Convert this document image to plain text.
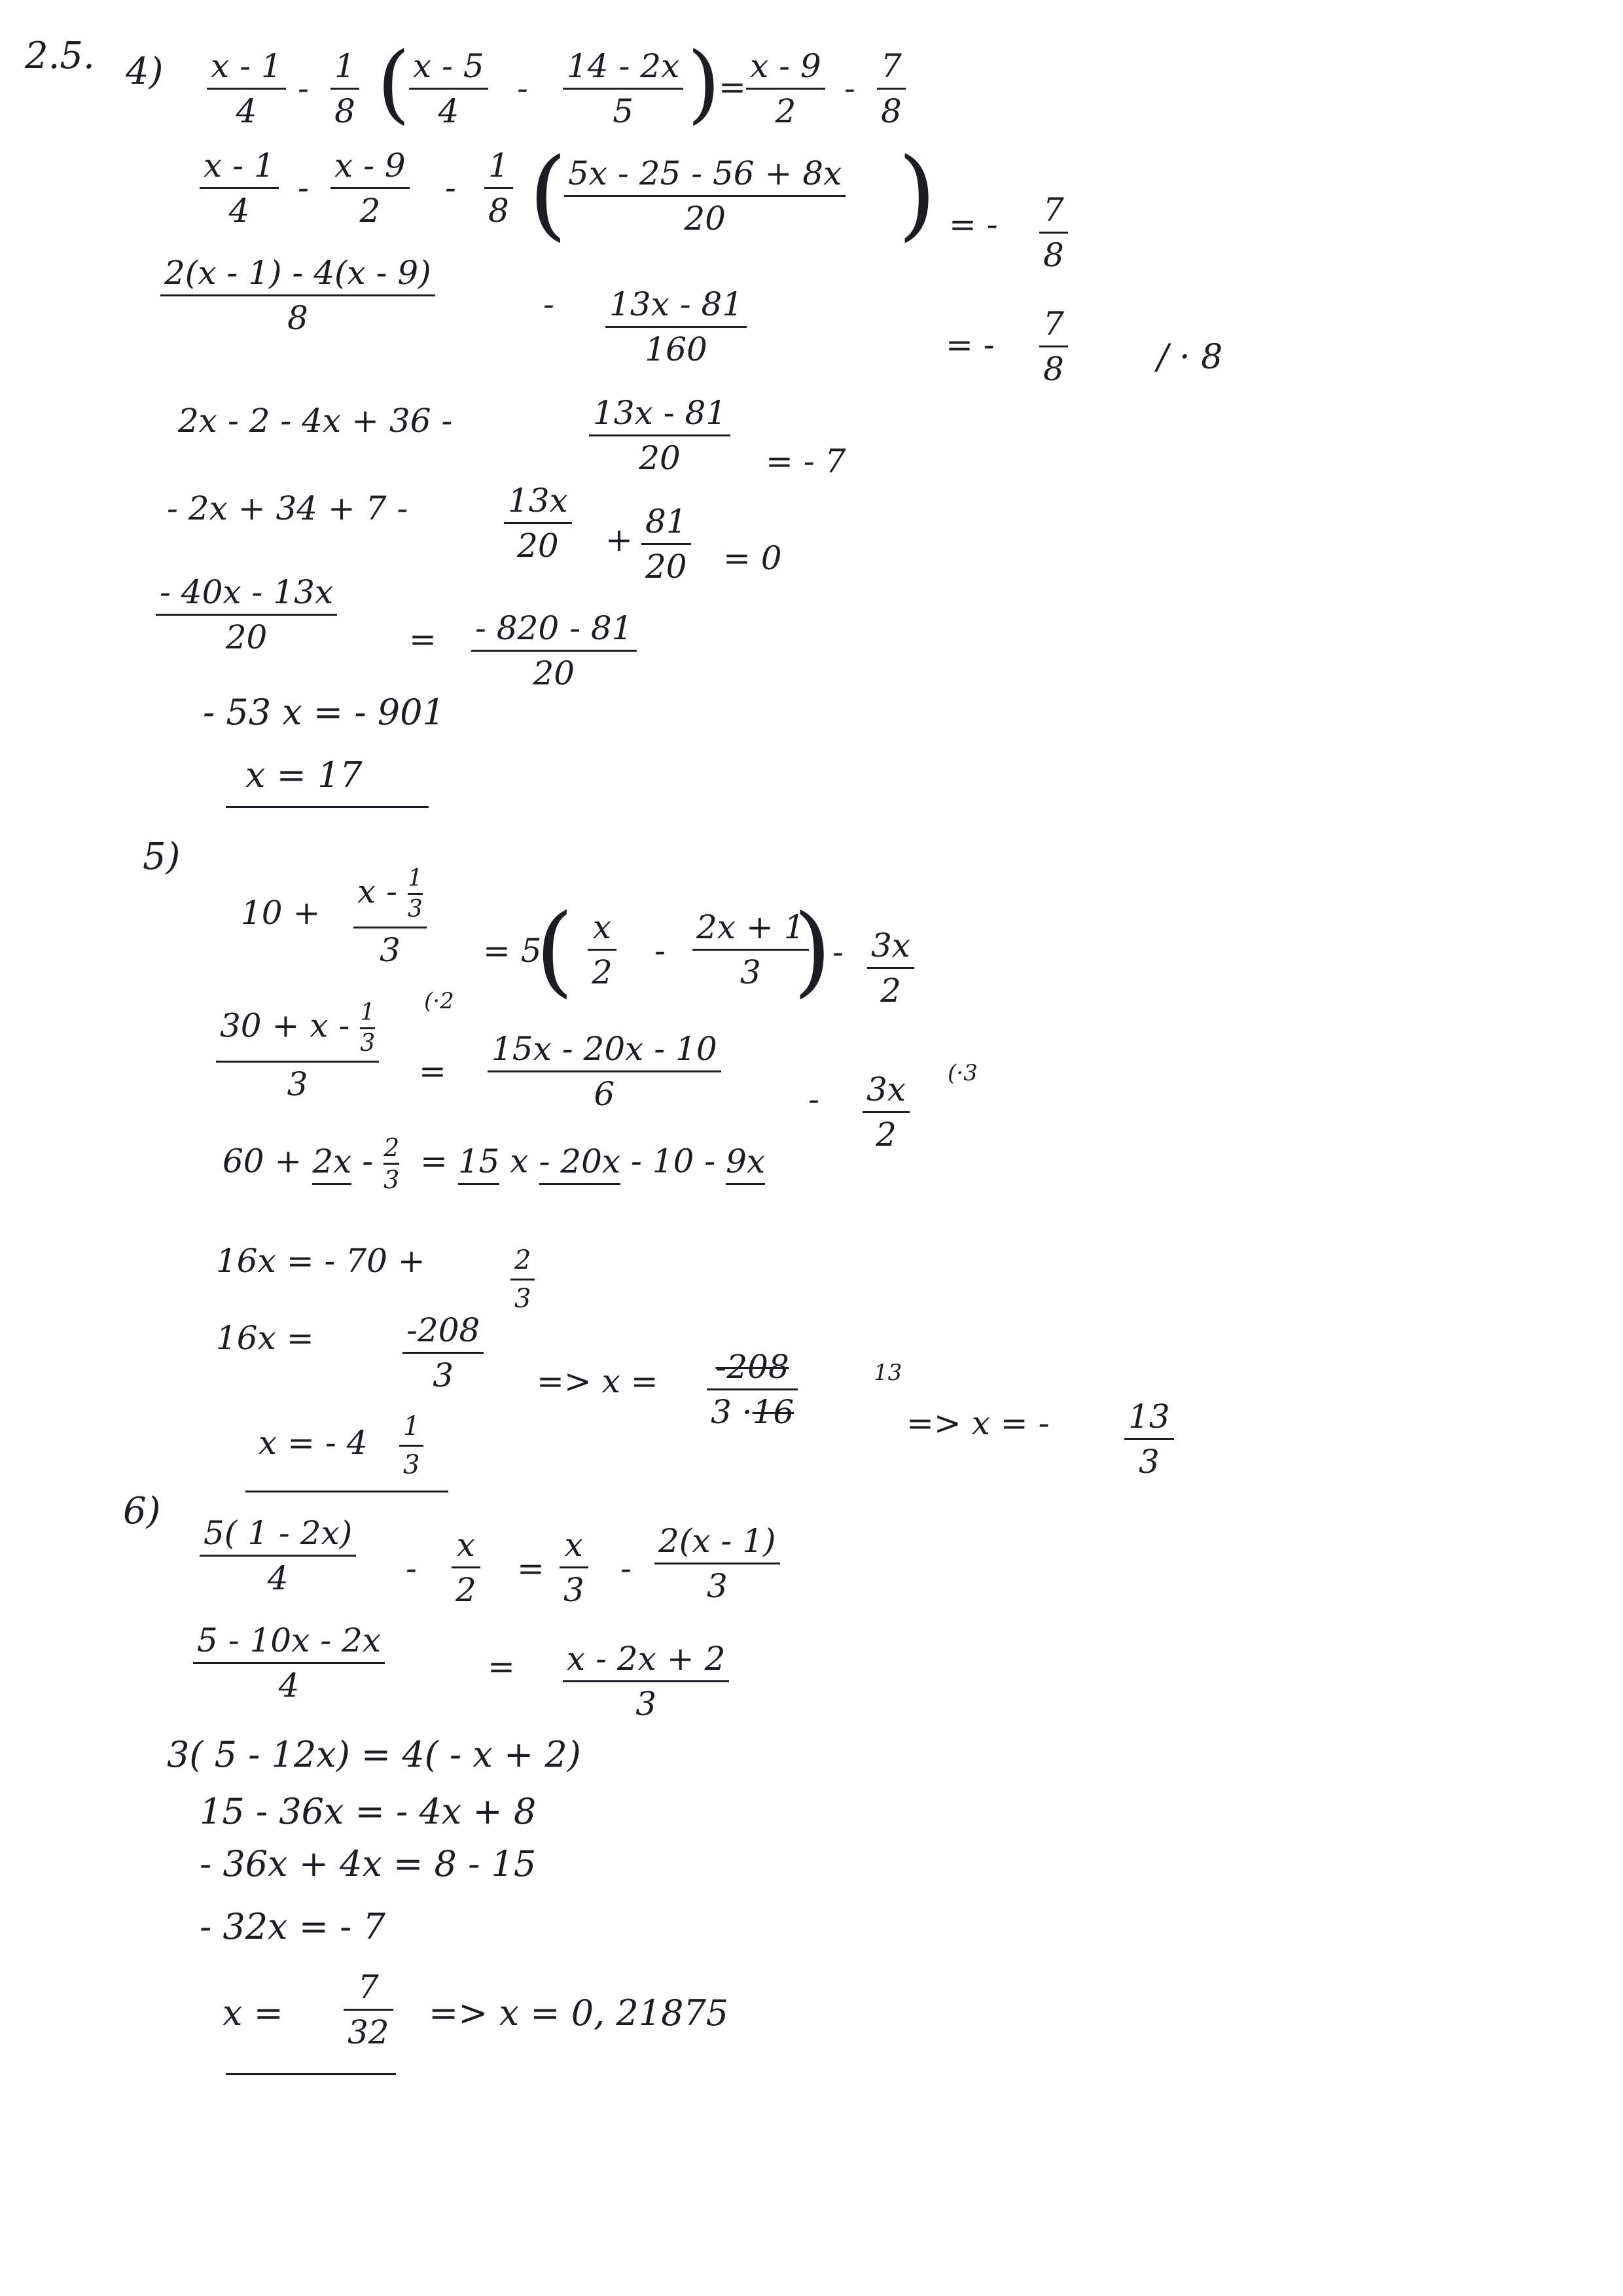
2.5. 4) x - 1
4
-
1
8 ( x - 5
4
-
14 - 2x
5 )
=
x - 9
2
-
7
8
x - 1
4
-
x - 9
2
-
1
8 ( 5x - 25 - 56 + 8x
20 ) = - 7
8
2(x - 1) - 4(x - 9)
8	- 13x - 81
160	= -
7
8	/ · 8
2x - 2 - 4x + 36 -	13x - 81
20	= - 7
- 2x + 34 + 7 -	13x
20 + 81
20 = 0
- 40x - 13x
20	= - 820 - 81
20
- 53 x = - 901
x = 17
5)
10 +
x - $\frac{1}{3}$
3	= 5
( x
2
-
2x + 1
3 ) - 3x
2
$30 + x - \frac{1}{3}$
3
(·2
=
15x - 20x - 10
6	- 3x
2
(·3
$60 + 2x - \frac{2}{3} = 15$ x - 20x - 10 - 9x
16x = - 70 +	2
3
16x =	-208
3	=> x = -208
3 ·16
13
=> x = - 13
3
x = - 4 1
3
6)
5( 1 - 2x)
4	-
x
2
=
x
3
-
2(x - 1)
3
5 - 10x - 2x
4	= x - 2x + 2
3
3( 5 - 12x) = 4( - x + 2)
15 - 36x = - 4x + 8
- 36x + 4x = 8 - 15
- 32x = - 7
x =
7
32 => x = 0, 21875
